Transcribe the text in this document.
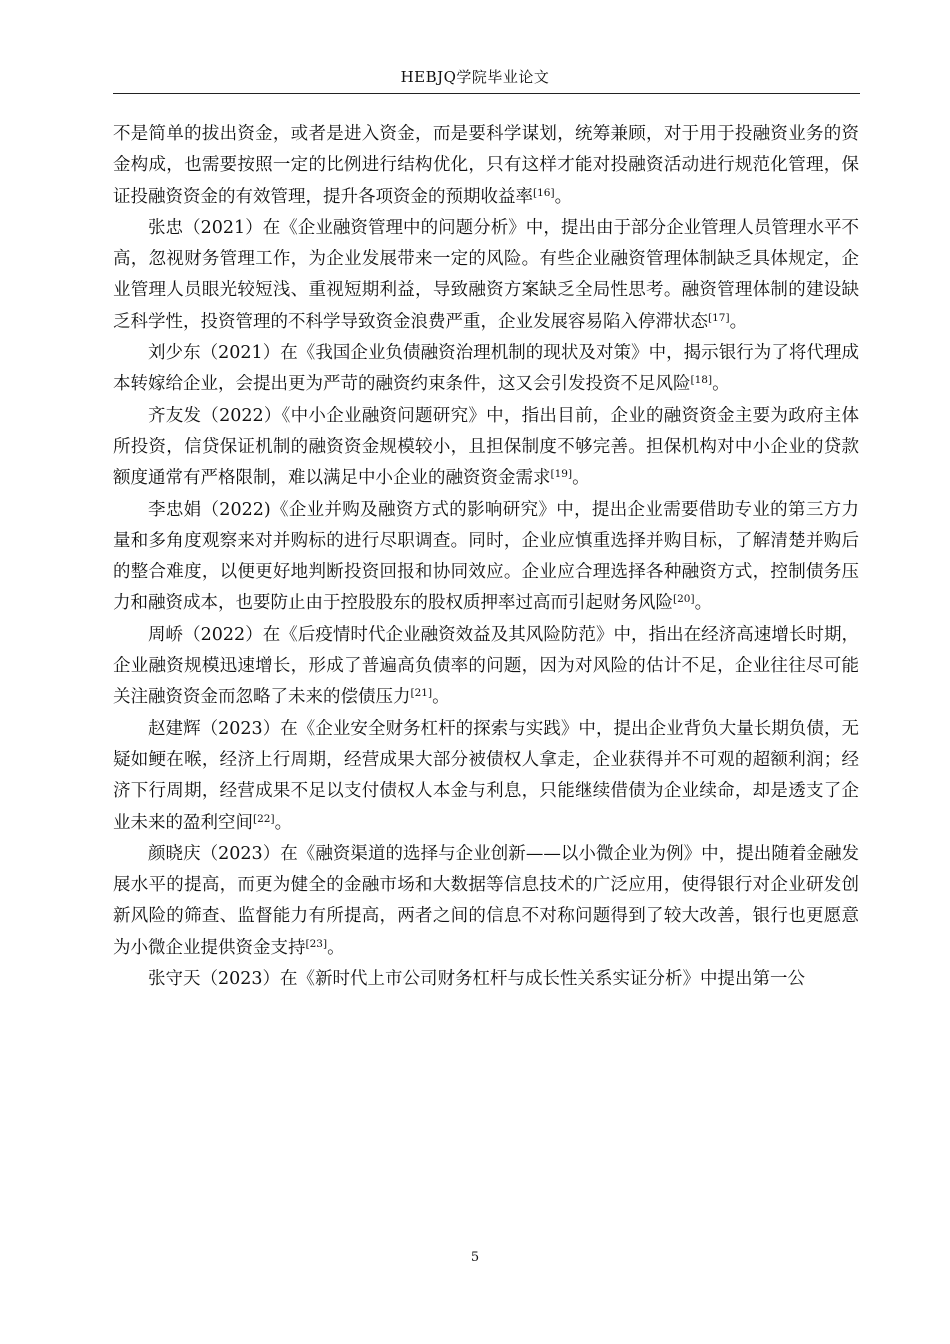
HEBJQ学院毕业论文

不是简单的拔出资金，或者是进入资金，而是要科学谋划，统筹兼顾，对于用于投融资业务的资金构成，也需要按照一定的比例进行结构优化，只有这样才能对投融资活动进行规范化管理，保证投融资资金的有效管理，提升各项资金的预期收益率[16]。

张忠（2021）在《企业融资管理中的问题分析》中，提出由于部分企业管理人员管理水平不高，忽视财务管理工作，为企业发展带来一定的风险。有些企业融资管理体制缺乏具体规定，企业管理人员眼光较短浅、重视短期利益，导致融资方案缺乏全局性思考。融资管理体制的建设缺乏科学性，投资管理的不科学导致资金浪费严重，企业发展容易陷入停滞状态[17]。

刘少东（2021）在《我国企业负债融资治理机制的现状及对策》中，揭示银行为了将代理成本转嫁给企业，会提出更为严苛的融资约束条件，这又会引发投资不足风险[18]。

齐友发（2022）《中小企业融资问题研究》中，指出目前，企业的融资资金主要为政府主体所投资，信贷保证机制的融资资金规模较小，且担保制度不够完善。担保机构对中小企业的贷款额度通常有严格限制，难以满足中小企业的融资资金需求[19]。

李忠娟（2022)《企业并购及融资方式的影响研究》中，提出企业需要借助专业的第三方力量和多角度观察来对并购标的进行尽职调查。同时，企业应慎重选择并购目标，了解清楚并购后的整合难度，以便更好地判断投资回报和协同效应。企业应合理选择各种融资方式，控制债务压力和融资成本，也要防止由于控股股东的股权质押率过高而引起财务风险[20]。

周峤（2022）在《后疫情时代企业融资效益及其风险防范》中，指出在经济高速增长时期，企业融资规模迅速增长，形成了普遍高负债率的问题，因为对风险的估计不足，企业往往尽可能关注融资资金而忽略了未来的偿债压力[21]。

赵建辉（2023）在《企业安全财务杠杆的探索与实践》中，提出企业背负大量长期负债，无疑如鲠在喉，经济上行周期，经营成果大部分被债权人拿走，企业获得并不可观的超额利润；经济下行周期，经营成果不足以支付债权人本金与利息，只能继续借债为企业续命，却是透支了企业未来的盈利空间[22]。

颜晓庆（2023）在《融资渠道的选择与企业创新——以小微企业为例》中，提出随着金融发展水平的提高，而更为健全的金融市场和大数据等信息技术的广泛应用，使得银行对企业研发创新风险的筛查、监督能力有所提高，两者之间的信息不对称问题得到了较大改善，银行也更愿意为小微企业提供资金支持[23]。

张守天（2023）在《新时代上市公司财务杠杆与成长性关系实证分析》中提出第一公

5
